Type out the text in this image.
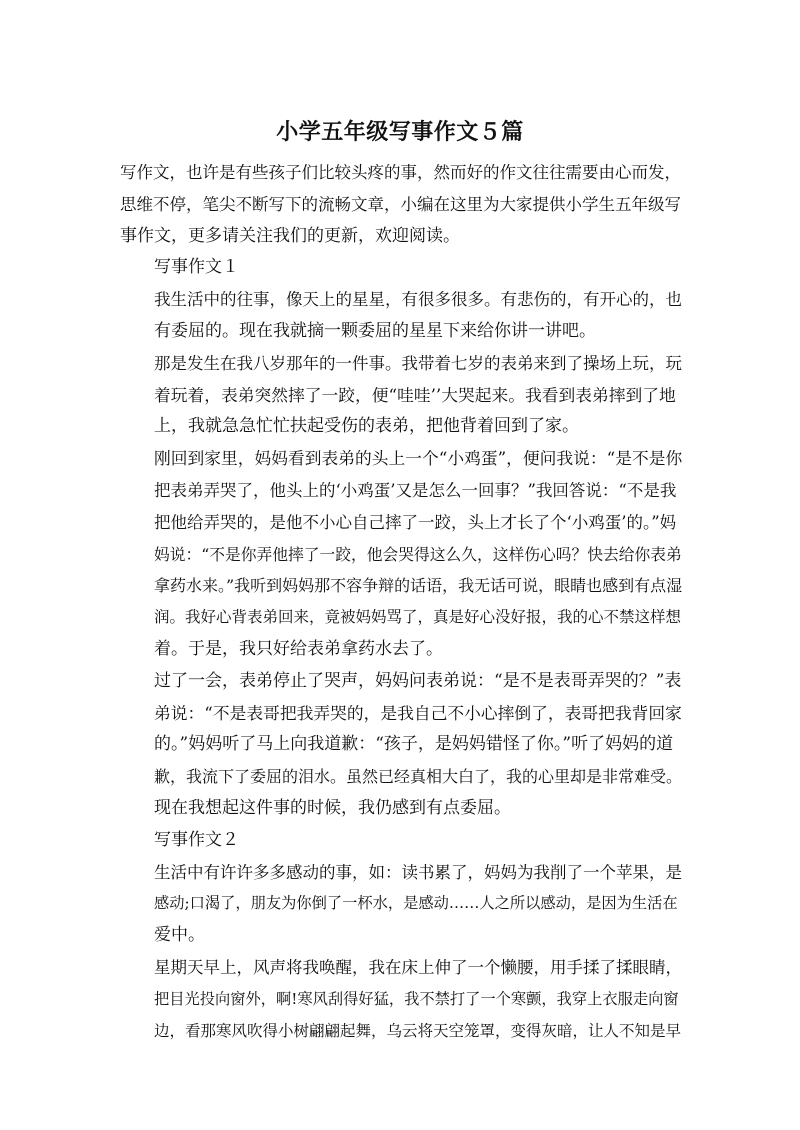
小学五年级写事作文５篇

写作文，也许是有些孩子们比较头疼的事，然而好的作文往往需要由心而发，
思维不停，笔尖不断写下的流畅文章，小编在这里为大家提供小学生五年级写
事作文，更多请关注我们的更新，欢迎阅读。

写事作文１

我生活中的往事，像天上的星星，有很多很多。有悲伤的，有开心的，也
有委屈的。现在我就摘一颗委屈的星星下来给你讲一讲吧。

那是发生在我八岁那年的一件事。我带着七岁的表弟来到了操场上玩，玩
着玩着，表弟突然摔了一跤，便“哇哇’’大哭起来。我看到表弟摔到了地
上，我就急急忙忙扶起受伤的表弟，把他背着回到了家。

刚回到家里，妈妈看到表弟的头上一个“小鸡蛋”，便问我说：“是不是你
把表弟弄哭了，他头上的‘小鸡蛋’又是怎么一回事？”我回答说：“不是我
把他给弄哭的，是他不小心自己摔了一跤，头上才长了个‘小鸡蛋’的。”妈
妈说：“不是你弄他摔了一跤，他会哭得这么久，这样伤心吗？快去给你表弟
拿药水来。”我听到妈妈那不容争辩的话语，我无话可说，眼睛也感到有点湿
润。我好心背表弟回来，竟被妈妈骂了，真是好心没好报，我的心不禁这样想
着。于是，我只好给表弟拿药水去了。

过了一会，表弟停止了哭声，妈妈问表弟说：“是不是表哥弄哭的？”表
弟说：“不是表哥把我弄哭的，是我自己不小心摔倒了，表哥把我背回家
的。”妈妈听了马上向我道歉：“孩子，是妈妈错怪了你。”听了妈妈的道
歉，我流下了委屈的泪水。虽然已经真相大白了，我的心里却是非常难受。

现在我想起这件事的时候，我仍感到有点委屈。

写事作文２

生活中有许许多多感动的事，如：读书累了，妈妈为我削了一个苹果，是
感动;口渴了，朋友为你倒了一杯水，是感动……人之所以感动，是因为生活在
爱中。

星期天早上，风声将我唤醒，我在床上伸了一个懒腰，用手揉了揉眼睛，
把目光投向窗外，啊!寒风刮得好猛，我不禁打了一个寒颤，我穿上衣服走向窗
边，看那寒风吹得小树翩翩起舞，乌云将天空笼罩，变得灰暗，让人不知是早
